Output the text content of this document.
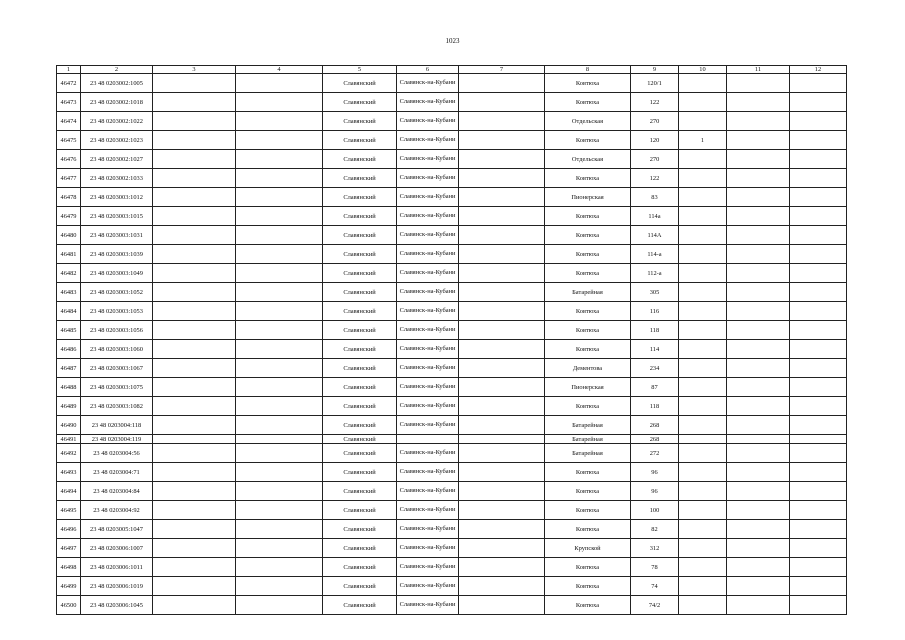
1023
1	2	3	4	5	6	7	8	9	10	11	12
46472	23 48 0203002:1005			Славянский	Славянск-на-Кубани		Ковтюха	120/1			
46473	23 48 0203002:1018			Славянский	Славянск-на-Кубани		Ковтюха	122			
46474	23 48 0203002:1022			Славянский	Славянск-на-Кубани		Отдельская	270			
46475	23 48 0203002:1023			Славянский	Славянск-на-Кубани		Ковтюха	120	1		
46476	23 48 0203002:1027			Славянский	Славянск-на-Кубани		Отдельская	270			
46477	23 48 0203002:1033			Славянский	Славянск-на-Кубани		Ковтюха	122			
46478	23 48 0203003:1012			Славянский	Славянск-на-Кубани		Пионерская	83			
46479	23 48 0203003:1015			Славянский	Славянск-на-Кубани		Ковтюха	114а			
46480	23 48 0203003:1031			Славянский	Славянск-на-Кубани		Ковтюха	114А			
46481	23 48 0203003:1039			Славянский	Славянск-на-Кубани		Ковтюха	114-а			
46482	23 48 0203003:1049			Славянский	Славянск-на-Кубани		Ковтюха	112-а			
46483	23 48 0203003:1052			Славянский	Славянск-на-Кубани		Батарейная	305			
46484	23 48 0203003:1053			Славянский	Славянск-на-Кубани		Ковтюха	116			
46485	23 48 0203003:1056			Славянский	Славянск-на-Кубани		Ковтюха	118			
46486	23 48 0203003:1060			Славянский	Славянск-на-Кубани		Ковтюха	114			
46487	23 48 0203003:1067			Славянский	Славянск-на-Кубани		Дементова	234			
46488	23 48 0203003:1075			Славянский	Славянск-на-Кубани		Пионерская	87			
46489	23 48 0203003:1082			Славянский	Славянск-на-Кубани		Ковтюха	118			
46490	23 48 0203004:118			Славянский	Славянск-на-Кубани		Батарейная	268			
46491	23 48 0203004:119			Славянский			Батарейная	268			
46492	23 48 0203004:56			Славянский	Славянск-на-Кубани		Батарейная	272			
46493	23 48 0203004:71			Славянский	Славянск-на-Кубани		Ковтюха	96			
46494	23 48 0203004:84			Славянский	Славянск-на-Кубани		Ковтюха	96			
46495	23 48 0203004:92			Славянский	Славянск-на-Кубани		Ковтюха	100			
46496	23 48 0203005:1047			Славянский	Славянск-на-Кубани		Ковтюха	82			
46497	23 48 0203006:1007			Славянский	Славянск-на-Кубани		Крупской	312			
46498	23 48 0203006:1011			Славянский	Славянск-на-Кубани		Ковтюха	78			
46499	23 48 0203006:1019			Славянский	Славянск-на-Кубани		Ковтюха	74			
46500	23 48 0203006:1045			Славянский	Славянск-на-Кубани		Ковтюха	74/2			
